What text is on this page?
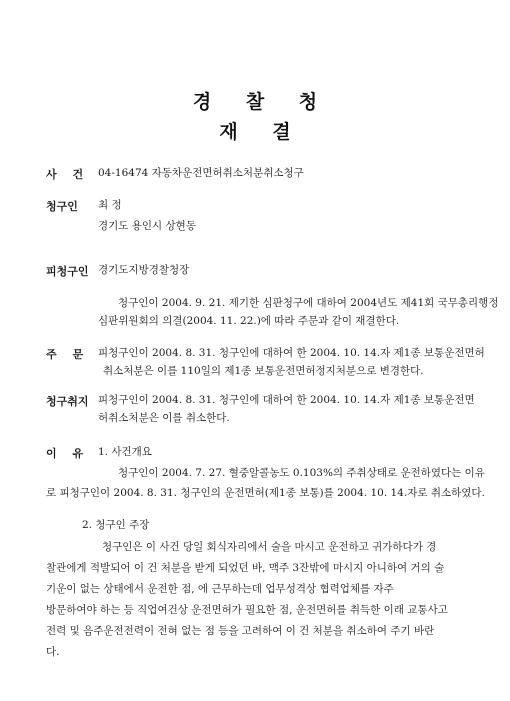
경 찰 청
재 결
사 건 04-16474 자동차운전면허취소처분취소청구
청구인 최 정
경기도 용인시 상현동
피청구인 경기도지방경찰청장
청구인이 2004. 9. 21. 제기한 심판청구에 대하여 2004년도 제41회 국무총리행정
심판위원회의 의결(2004. 11. 22.)에 따라 주문과 같이 재결한다.
주 문 피청구인이 2004. 8. 31. 청구인에 대하여 한 2004. 10. 14.자 제1종 보통운전면허
취소처분은 이를 110일의 제1종 보통운전면허정지처분으로 변경한다.
청구취지 피청구인이 2004. 8. 31. 청구인에 대하여 한 2004. 10. 14.자 제1종 보통운전면
허취소처분은 이를 취소한다.
이 유 1. 사건개요
청구인이 2004. 7. 27. 혈중알콜농도 0.103%의 주취상태로 운전하였다는 이유
로 피청구인이 2004. 8. 31. 청구인의 운전면허(제1종 보통)를 2004. 10. 14.자로 취소하였다.
2. 청구인 주장
청구인은 이 사건 당일 회식자리에서 술을 마시고 운전하고 귀가하다가 경
찰관에게 적발되어 이 건 처분을 받게 되었던 바, 맥주 3잔밖에 마시지 아니하여 거의 술
기운이 없는 상태에서 운전한 점, 에 근무하는데 업무성격상 협력업체를 자주
방문하여야 하는 등 직업여건상 운전면허가 필요한 점, 운전면허를 취득한 이래 교통사고
전력 및 음주운전전력이 전혀 없는 점 등을 고려하여 이 건 처분을 취소하여 주기 바란
다.
